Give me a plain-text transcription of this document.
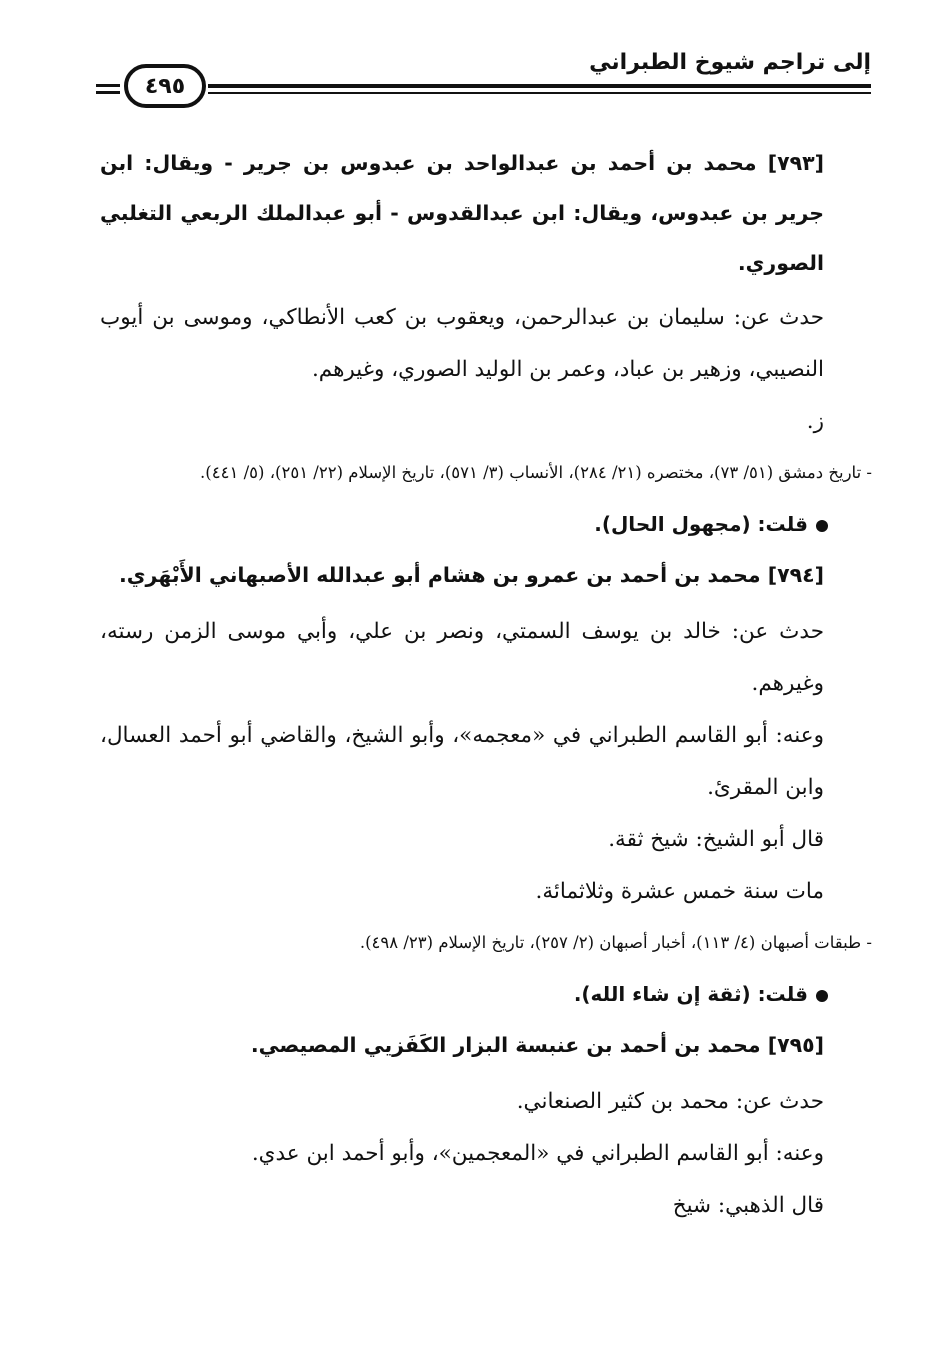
إلى تراجم شيوخ الطبراني
٤٩٥

[٧٩٣] محمد بن أحمد بن عبدالواحد بن عبدوس بن جرير - ويقال: ابن جرير بن عبدوس، ويقال: ابن عبدالقدوس - أبو عبدالملك الربعي التغلبي الصوري.

حدث عن: سليمان بن عبدالرحمن، ويعقوب بن كعب الأنطاكي، وموسى بن أيوب النصيبي، وزهير بن عباد، وعمر بن الوليد الصوري، وغيرهم.

ز.

- تاريخ دمشق (٥١/ ٧٣)، مختصره (٢١/ ٢٨٤)، الأنساب (٣/ ٥٧١)، تاريخ الإسلام (٢٢/ ٢٥١)، (٥/ ٤٤١).

قلت: (مجهول الحال).

[٧٩٤] محمد بن أحمد بن عمرو بن هشام أبو عبدالله الأصبهاني الأَبْهَري.

حدث عن: خالد بن يوسف السمتي، ونصر بن علي، وأبي موسى الزمن رسته، وغيرهم.

وعنه: أبو القاسم الطبراني في «معجمه»، وأبو الشيخ، والقاضي أبو أحمد العسال، وابن المقرئ.

قال أبو الشيخ: شيخ ثقة.

مات سنة خمس عشرة وثلاثمائة.

- طبقات أصبهان (٤/ ١١٣)، أخبار أصبهان (٢/ ٢٥٧)، تاريخ الإسلام (٢٣/ ٤٩٨).

قلت: (ثقة إن شاء الله).

[٧٩٥] محمد بن أحمد بن عنبسة البزار الكَفَزيي المصيصي.

حدث عن: محمد بن كثير الصنعاني.

وعنه: أبو القاسم الطبراني في «المعجمين»، وأبو أحمد ابن عدي.

قال الذهبي: شيخ
